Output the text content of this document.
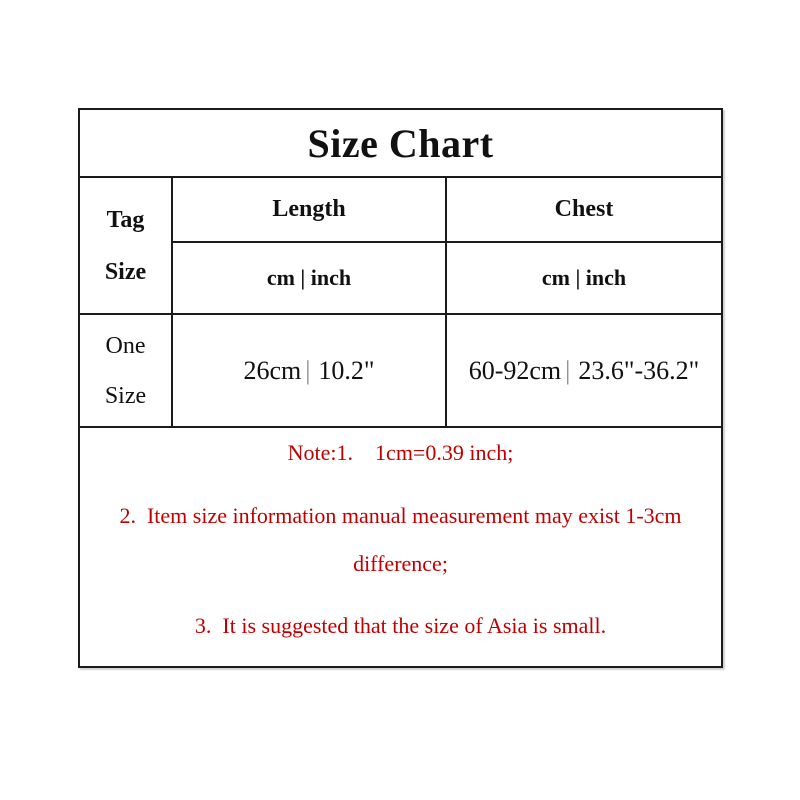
Size Chart		

Tag
Size	Length	Chest
	cm | inch	cm | inch

One
Size	26cm | 10.2"	60-92cm | 23.6"-36.2"

Note:1.    1cm=0.39 inch;

2.  Item size information manual measurement may exist 1-3cm difference;

3.  It is suggested that the size of Asia is small.		
